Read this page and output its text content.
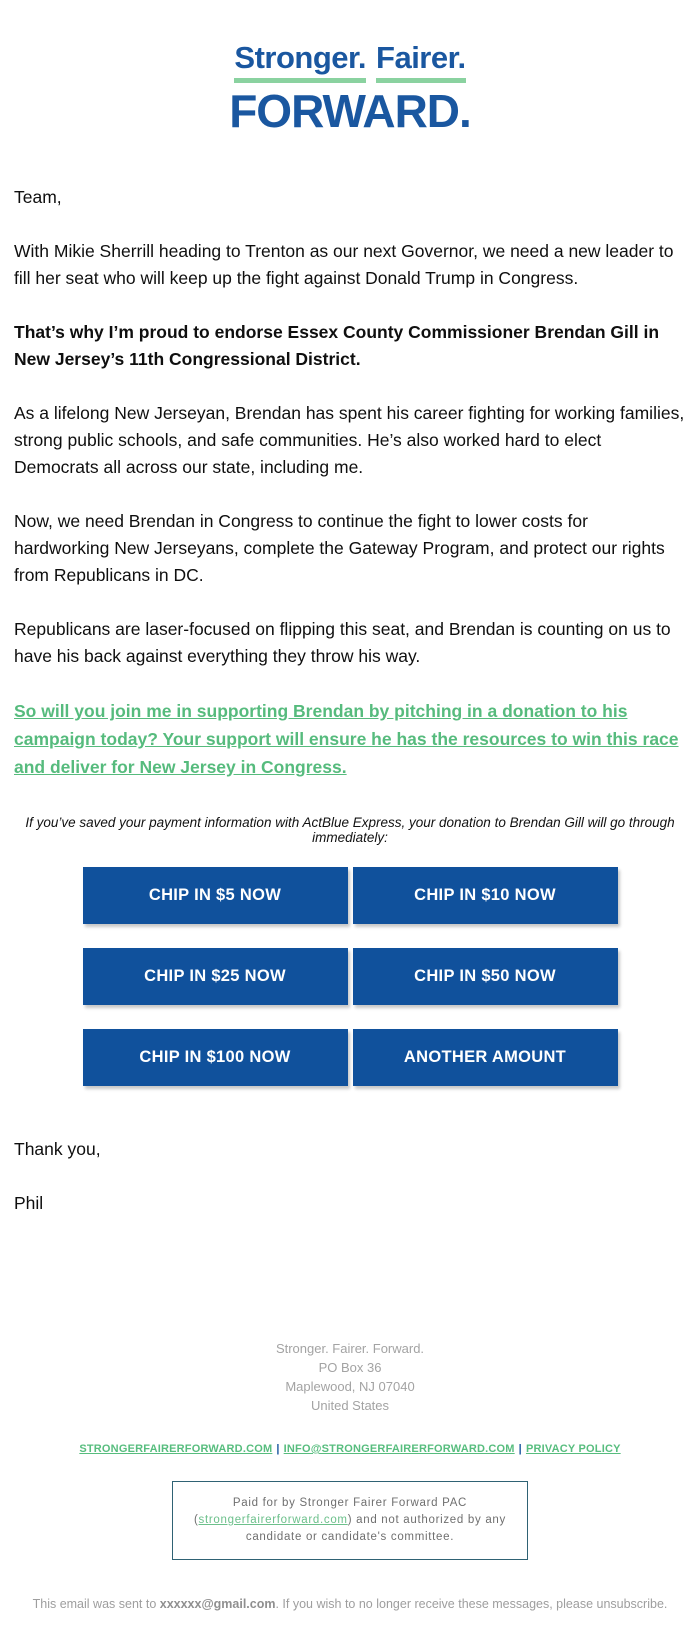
Stronger. Fairer.
FORWARD.

Team,

With Mikie Sherrill heading to Trenton as our next Governor, we need a new leader to fill her seat who will keep up the fight against Donald Trump in Congress.

That’s why I’m proud to endorse Essex County Commissioner Brendan Gill in New Jersey’s 11th Congressional District.

As a lifelong New Jerseyan, Brendan has spent his career fighting for working families, strong public schools, and safe communities. He’s also worked hard to elect Democrats all across our state, including me.

Now, we need Brendan in Congress to continue the fight to lower costs for hardworking New Jerseyans, complete the Gateway Program, and protect our rights from Republicans in DC.

Republicans are laser-focused on flipping this seat, and Brendan is counting on us to have his back against everything they throw his way.

So will you join me in supporting Brendan by pitching in a donation to his campaign today? Your support will ensure he has the resources to win this race and deliver for New Jersey in Congress.

If you’ve saved your payment information with ActBlue Express, your donation to Brendan Gill will go through immediately:

CHIP IN $5 NOW	CHIP IN $10 NOW
CHIP IN $25 NOW	CHIP IN $50 NOW
CHIP IN $100 NOW	ANOTHER AMOUNT

Thank you,

Phil

Stronger. Fairer. Forward.
PO Box 36
Maplewood, NJ 07040
United States
STRONGERFAIRERFORWARD.COM | INFO@STRONGERFAIRERFORWARD.COM | PRIVACY POLICY
Paid for by Stronger Fairer Forward PAC (strongerfairerforward.com) and not authorized by any candidate or candidate's committee.
This email was sent to xxxxxx@gmail.com. If you wish to no longer receive these messages, please unsubscribe.
